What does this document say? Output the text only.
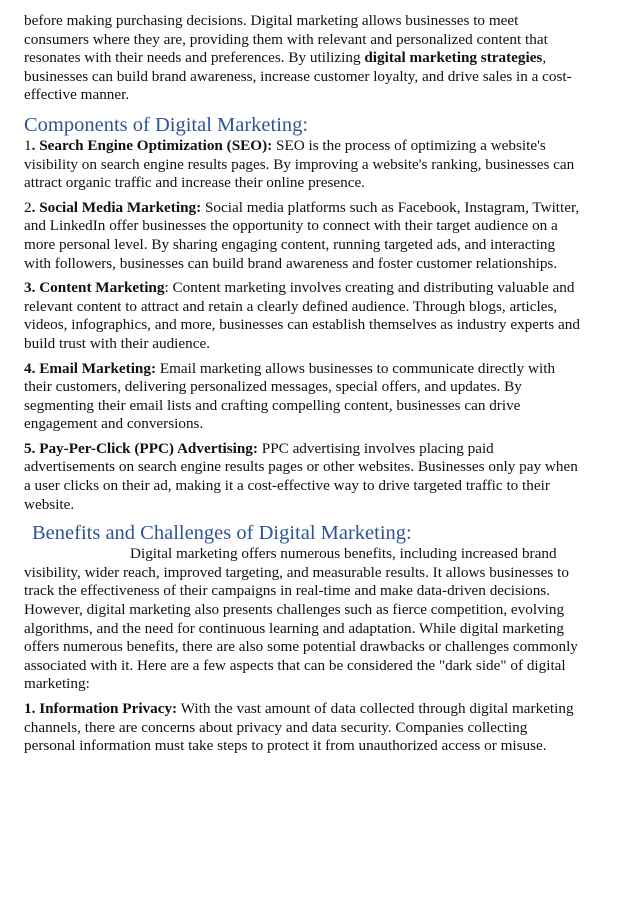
before making purchasing decisions. Digital marketing allows businesses to meet consumers where they are, providing them with relevant and personalized content that resonates with their needs and preferences. By utilizing digital marketing strategies, businesses can build brand awareness, increase customer loyalty, and drive sales in a cost-effective manner.

Components of Digital Marketing:

1. Search Engine Optimization (SEO): SEO is the process of optimizing a website's visibility on search engine results pages. By improving a website's ranking, businesses can attract organic traffic and increase their online presence.

2. Social Media Marketing: Social media platforms such as Facebook, Instagram, Twitter, and LinkedIn offer businesses the opportunity to connect with their target audience on a more personal level. By sharing engaging content, running targeted ads, and interacting with followers, businesses can build brand awareness and foster customer relationships.

3. Content Marketing: Content marketing involves creating and distributing valuable and relevant content to attract and retain a clearly defined audience. Through blogs, articles, videos, infographics, and more, businesses can establish themselves as industry experts and build trust with their audience.

4. Email Marketing: Email marketing allows businesses to communicate directly with their customers, delivering personalized messages, special offers, and updates. By segmenting their email lists and crafting compelling content, businesses can drive engagement and conversions.

5. Pay-Per-Click (PPC) Advertising: PPC advertising involves placing paid advertisements on search engine results pages or other websites. Businesses only pay when a user clicks on their ad, making it a cost-effective way to drive targeted traffic to their website.

Benefits and Challenges of Digital Marketing:

Digital marketing offers numerous benefits, including increased brand visibility, wider reach, improved targeting, and measurable results. It allows businesses to track the effectiveness of their campaigns in real-time and make data-driven decisions. However, digital marketing also presents challenges such as fierce competition, evolving algorithms, and the need for continuous learning and adaptation. While digital marketing offers numerous benefits, there are also some potential drawbacks or challenges commonly associated with it. Here are a few aspects that can be considered the "dark side" of digital marketing:

1. Information Privacy: With the vast amount of data collected through digital marketing channels, there are concerns about privacy and data security. Companies collecting personal information must take steps to protect it from unauthorized access or misuse.
